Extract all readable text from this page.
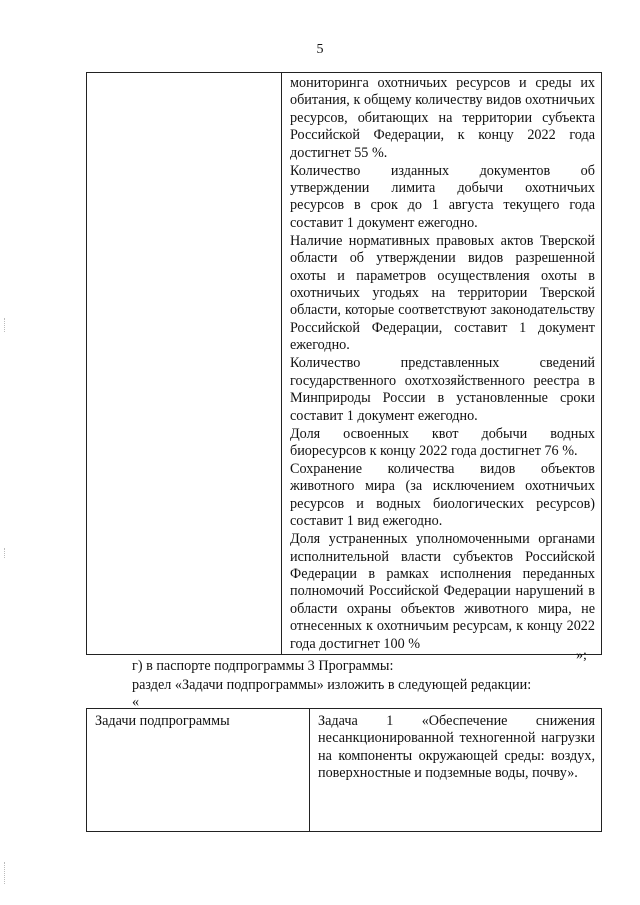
5

мониторинга охотничьих ресурсов и среды их обитания, к общему количеству видов охотничьих ресурсов, обитающих на территории субъекта Российской Федерации, к концу 2022 года достигнет 55 %.

Количество изданных документов об утверждении лимита добычи охотничьих ресурсов в срок до 1 августа текущего года составит 1 документ ежегодно.

Наличие нормативных правовых актов Тверской области об утверждении видов разрешенной охоты и параметров осуществления охоты в охотничьих угодьях на территории Тверской области, которые соответствуют законодательству Российской Федерации, составит 1 документ ежегодно.

Количество представленных сведений государственного охотхозяйственного реестра в Минприроды России в установленные сроки составит 1 документ ежегодно.

Доля освоенных квот добычи водных биоресурсов к концу 2022 года достигнет 76 %.

Сохранение количества видов объектов животного мира (за исключением охотничьих ресурсов и водных биологических ресурсов) составит 1 вид ежегодно.

Доля устраненных уполномоченными органами исполнительной власти субъектов Российской Федерации в рамках исполнения переданных полномочий Российской Федерации нарушений в области охраны объектов животного мира, не отнесенных к охотничьим ресурсам, к концу 2022 года достигнет 100 %

»;
г) в паспорте подпрограммы 3 Программы:
раздел «Задачи подпрограммы» изложить в следующей редакции:
«
Задачи подпрограммы	Задача 1 «Обеспечение снижения несанкционированной техногенной нагрузки на компоненты окружающей среды: воздух, поверхностные и подземные воды, почву».
